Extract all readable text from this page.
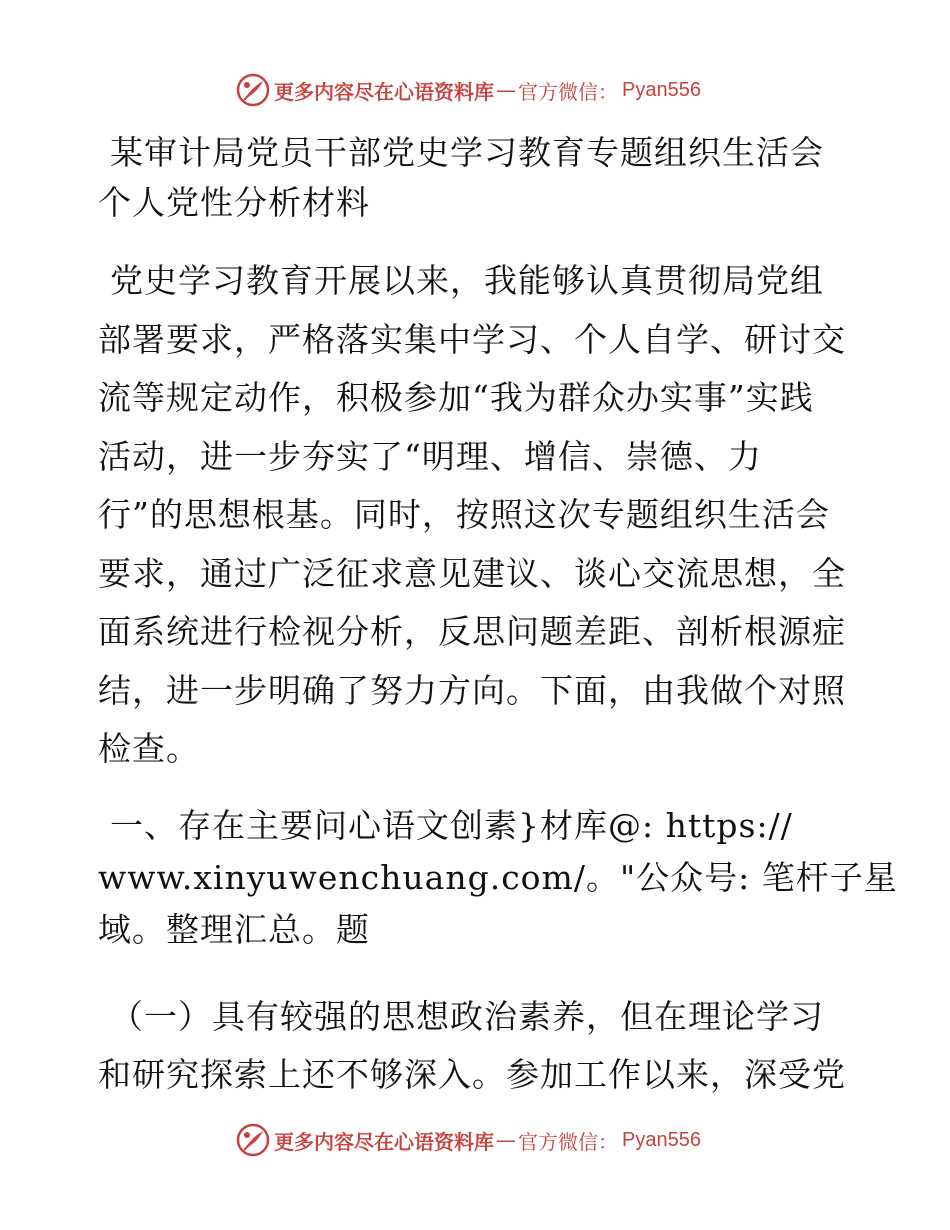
更多内容尽在心语资料库 — 官方微信： Pyan556
某审计局党员干部党史学习教育专题组织生活会
个人党性分析材料
党史学习教育开展以来，我能够认真贯彻局党组
部署要求，严格落实集中学习、个人自学、研讨交
流等规定动作，积极参加“我为群众办实事”实践
活动，进一步夯实了“明理、增信、崇德、力
行”的思想根基。同时，按照这次专题组织生活会
要求，通过广泛征求意见建议、谈心交流思想，全
面系统进行检视分析，反思问题差距、剖析根源症
结，进一步明确了努力方向。下面，由我做个对照
检查。
一、存在主要问心语文创素}材库@: https://
www.xinyuwenchuang.com/。"公众号: 笔杆子星
域。整理汇总。题
（一）具有较强的思想政治素养，但在理论学习
和研究探索上还不够深入。参加工作以来，深受党
更多内容尽在心语资料库 — 官方微信： Pyan556
